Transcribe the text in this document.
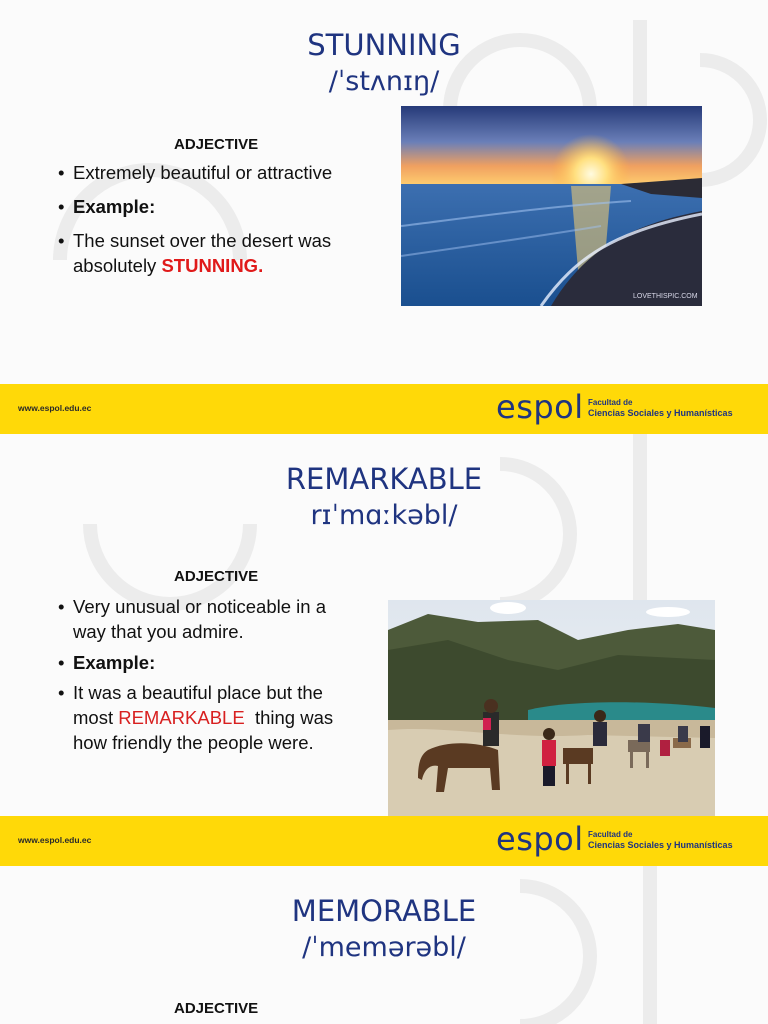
STUNNING
/ˈstʌnɪŋ/
ADJECTIVE
• Extremely beautiful or attractive
• Example:
• The sunset over the desert was
absolutely STUNNING.
LOVETHISPIC.COM
www.espol.edu.ec	espol Facultad de
Ciencias Sociales y Humanísticas
REMARKABLE
rɪˈmɑːkəbl/
ADJECTIVE
• Very unusual or noticeable in a
way that you admire.
• Example:
• It was a beautiful place but the
most REMARKABLE  thing was
how friendly the people were.
www.espol.edu.ec	espol Facultad de
Ciencias Sociales y Humanísticas
MEMORABLE
/ˈmemərəbl/
ADJECTIVE
